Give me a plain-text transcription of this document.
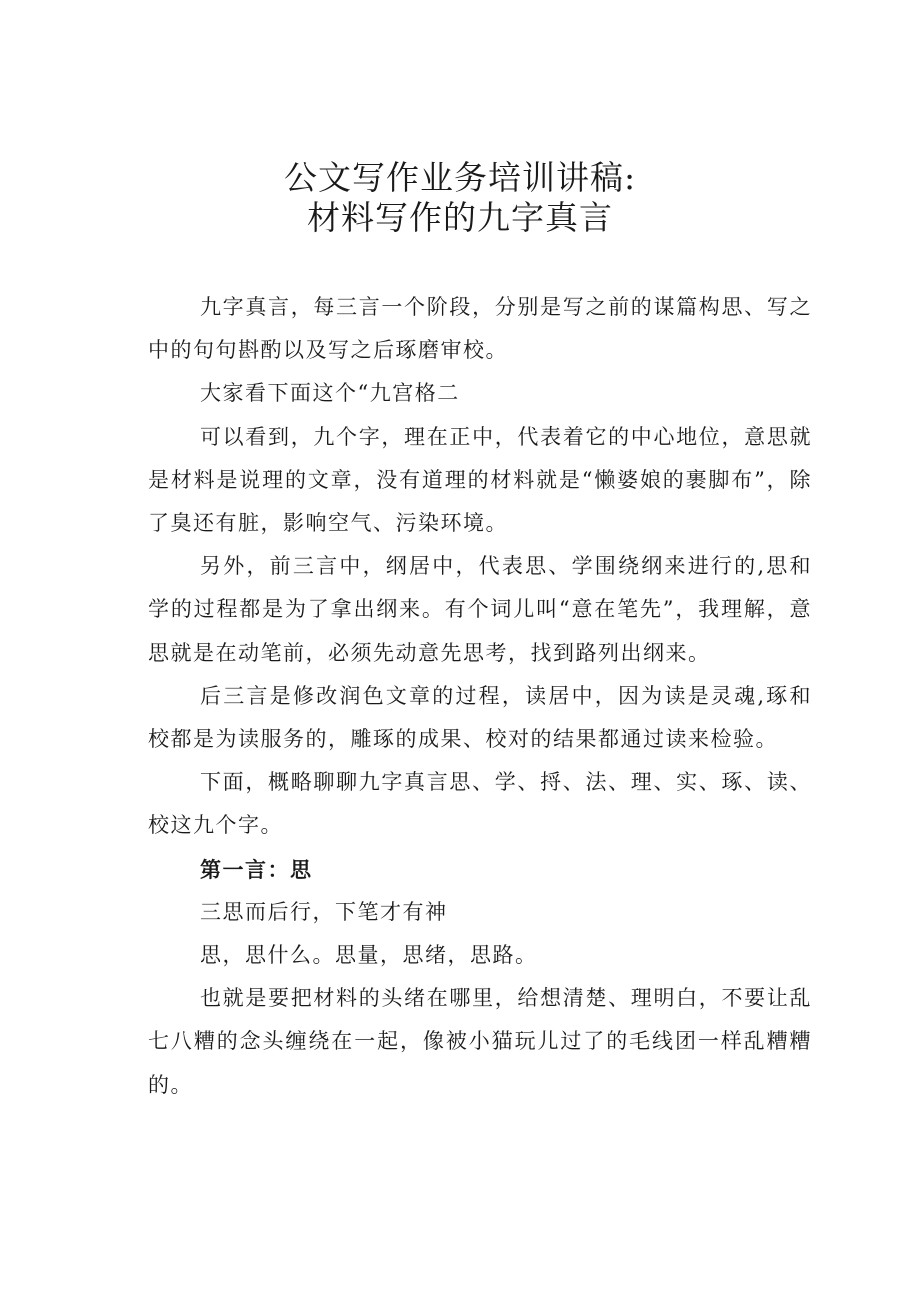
公文写作业务培训讲稿:
材料写作的九字真言

九字真言，每三言一个阶段，分别是写之前的谋篇构思、写之中的句句斟酌以及写之后琢磨审校。

大家看下面这个“九宫格二

可以看到，九个字，理在正中，代表着它的中心地位，意思就是材料是说理的文章，没有道理的材料就是“懒婆娘的裹脚布”，除了臭还有脏，影响空气、污染环境。

另外，前三言中，纲居中，代表思、学围绕纲来进行的,思和学的过程都是为了拿出纲来。有个词儿叫“意在笔先”，我理解，意思就是在动笔前，必须先动意先思考，找到路列出纲来。

后三言是修改润色文章的过程，读居中，因为读是灵魂,琢和校都是为读服务的，雕琢的成果、校对的结果都通过读来检验。

下面，概略聊聊九字真言思、学、捋、法、理、实、琢、读、校这九个字。

第一言：思

三思而后行，下笔才有神

思，思什么。思量，思绪，思路。

也就是要把材料的头绪在哪里，给想清楚、理明白，不要让乱七八糟的念头缠绕在一起，像被小猫玩儿过了的毛线团一样乱糟糟的。
